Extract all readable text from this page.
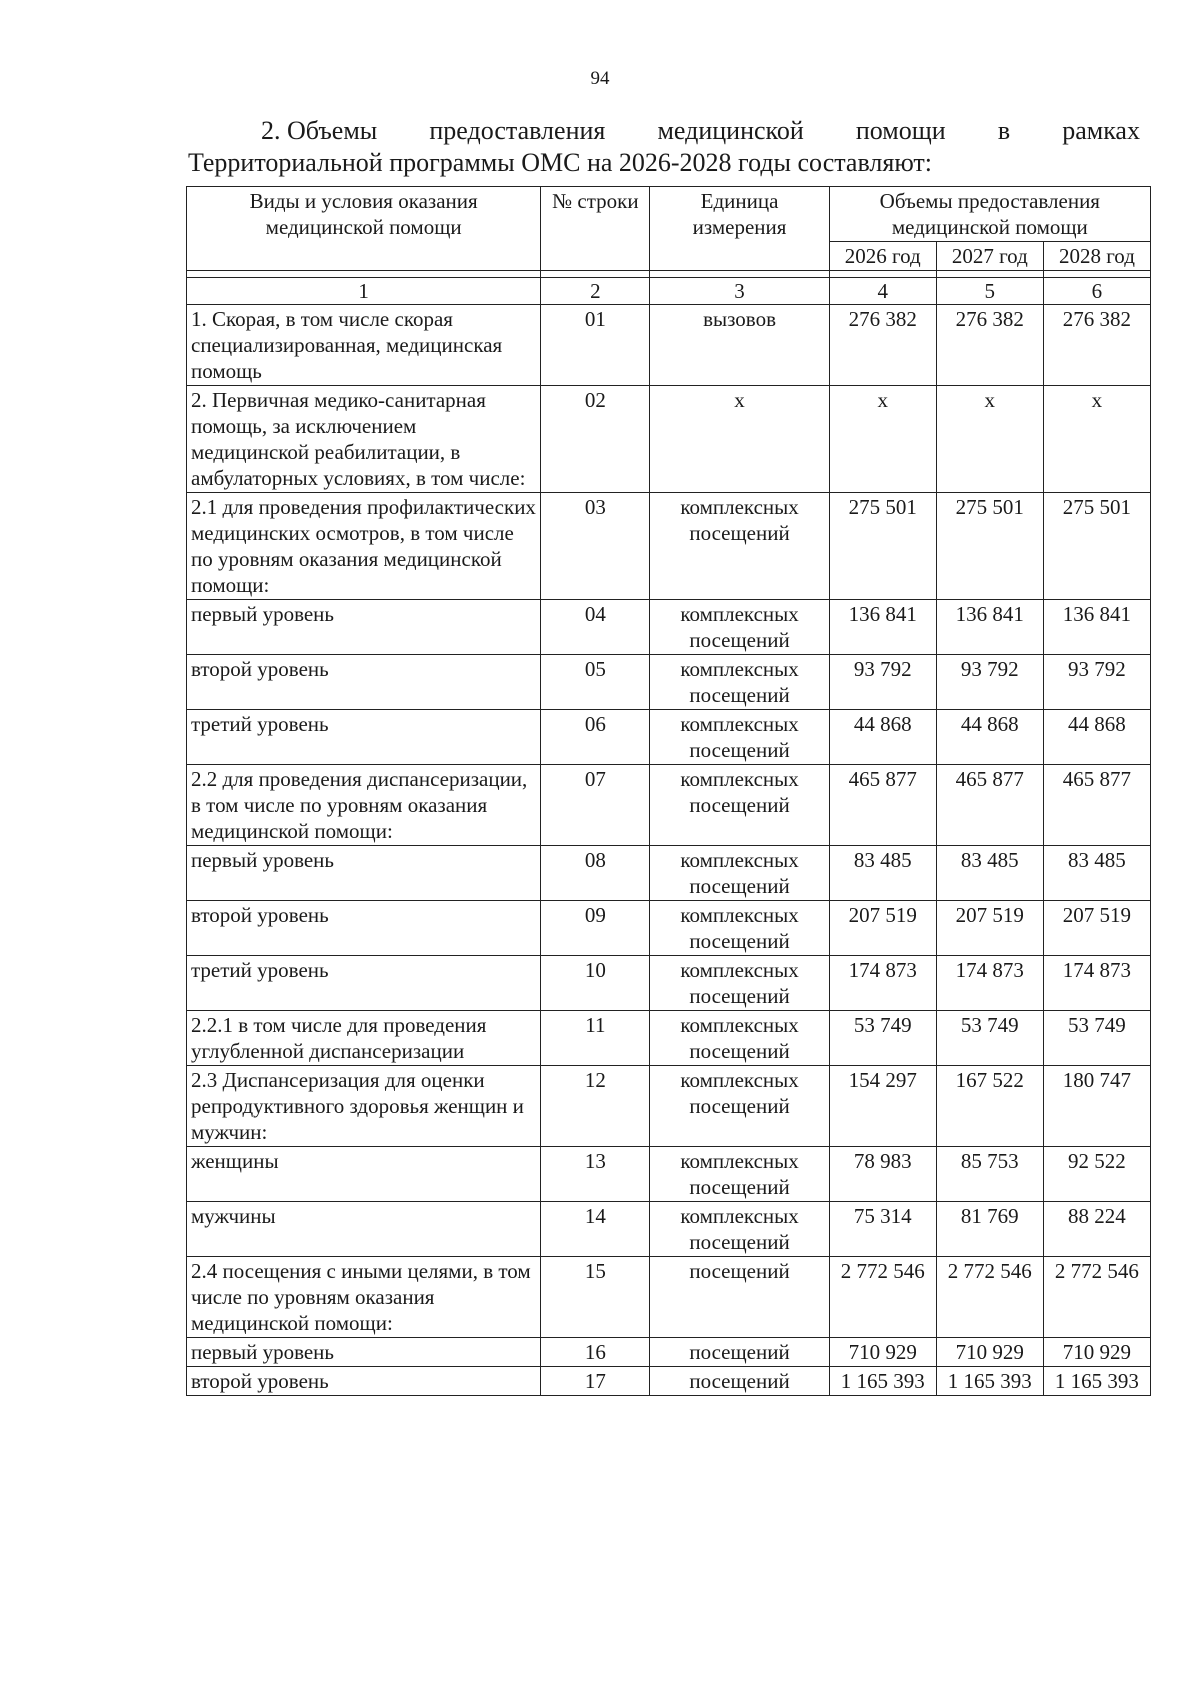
94
2. Объемы предоставления медицинской помощи в рамках
Территориальной программы ОМС на 2026-2028 годы составляют:
Виды и условия оказания медицинской помощи	№ строки	Единица измерения	Объемы предоставления медицинской помощи		
			2026 год	2027 год	2028 год

1	2	3	4	5	6
1. Скорая, в том числе скорая специализированная, медицинская помощь	01	вызовов	276 382	276 382	276 382
2. Первичная медико-санитарная помощь, за исключением медицинской реабилитации, в амбулаторных условиях, в том числе:	02	х	х	х	х
2.1 для проведения профилактических медицинских осмотров, в том числе по уровням оказания медицинской помощи:	03	комплексных посещений	275 501	275 501	275 501
первый уровень	04	комплексных посещений	136 841	136 841	136 841
второй уровень	05	комплексных посещений	93 792	93 792	93 792
третий уровень	06	комплексных посещений	44 868	44 868	44 868
2.2 для проведения диспансеризации, в том числе по уровням оказания медицинской помощи:	07	комплексных посещений	465 877	465 877	465 877
первый уровень	08	комплексных посещений	83 485	83 485	83 485
второй уровень	09	комплексных посещений	207 519	207 519	207 519
третий уровень	10	комплексных посещений	174 873	174 873	174 873
2.2.1 в том числе для проведения углубленной диспансеризации	11	комплексных посещений	53 749	53 749	53 749
2.3 Диспансеризация для оценки репродуктивного здоровья женщин и мужчин:	12	комплексных посещений	154 297	167 522	180 747
женщины	13	комплексных посещений	78 983	85 753	92 522
мужчины	14	комплексных посещений	75 314	81 769	88 224
2.4 посещения с иными целями, в том числе по уровням оказания медицинской помощи:	15	посещений	2 772 546	2 772 546	2 772 546
первый уровень	16	посещений	710 929	710 929	710 929
второй уровень	17	посещений	1 165 393	1 165 393	1 165 393
